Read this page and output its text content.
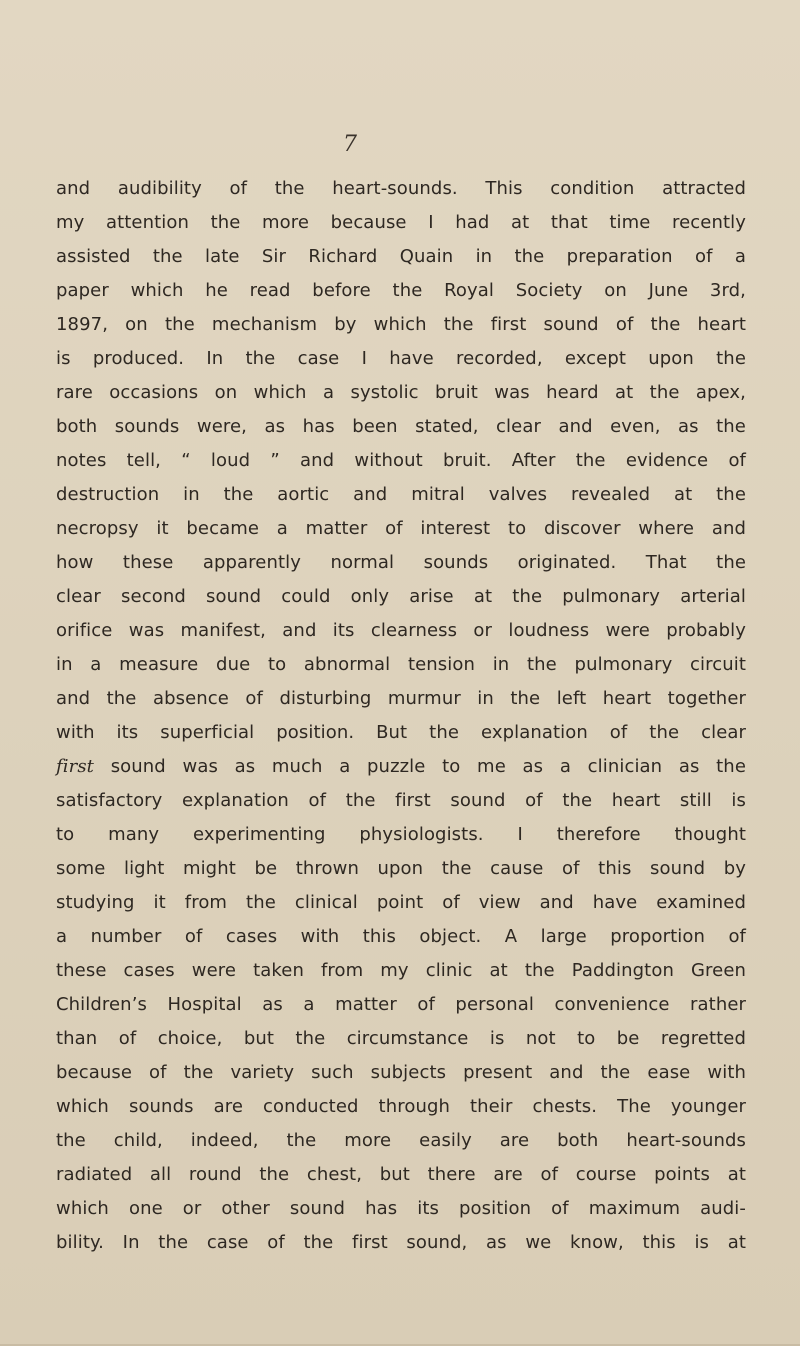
7
and audibility of the heart-sounds. This condition attracted
my attention the more because I had at that time recently
assisted the late Sir Richard Quain in the preparation of a
paper which he read before the Royal Society on June 3rd,
1897, on the mechanism by which the first sound of the heart
is produced. In the case I have recorded, except upon the
rare occasions on which a systolic bruit was heard at the apex,
both sounds were, as has been stated, clear and even, as the
notes tell, “ loud ” and without bruit. After the evidence of
destruction in the aortic and mitral valves revealed at the
necropsy it became a matter of interest to discover where and
how these apparently normal sounds originated. That the
clear second sound could only arise at the pulmonary arterial
orifice was manifest, and its clearness or loudness were probably
in a measure due to abnormal tension in the pulmonary circuit
and the absence of disturbing murmur in the left heart together
with its superficial position. But the explanation of the clear
first sound was as much a puzzle to me as a clinician as the
satisfactory explanation of the first sound of the heart still is
to many experimenting physiologists. I therefore thought
some light might be thrown upon the cause of this sound by
studying it from the clinical point of view and have examined
a number of cases with this object. A large proportion of
these cases were taken from my clinic at the Paddington Green
Children’s Hospital as a matter of personal convenience rather
than of choice, but the circumstance is not to be regretted
because of the variety such subjects present and the ease with
which sounds are conducted through their chests. The younger
the child, indeed, the more easily are both heart-sounds
radiated all round the chest, but there are of course points at
which one or other sound has its position of maximum audi-
bility. In the case of the first sound, as we know, this is at
